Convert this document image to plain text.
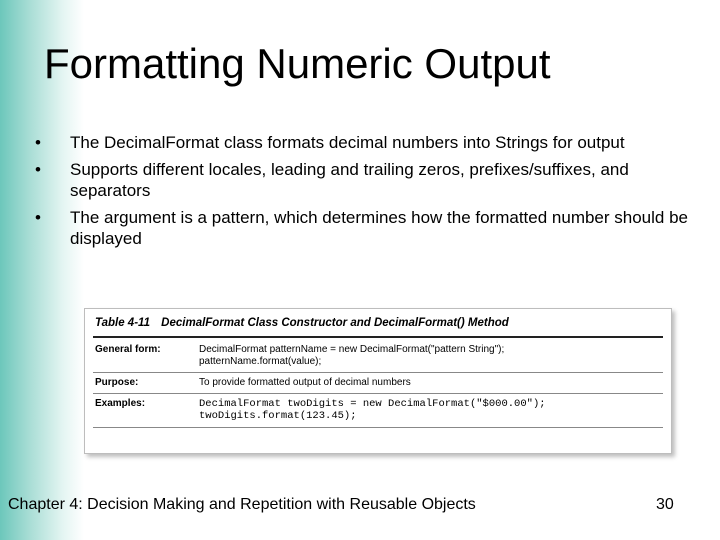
Formatting Numeric Output
•	The DecimalFormat class formats decimal numbers into Strings for output
•	Supports different locales, leading and trailing zeros, prefixes/suffixes, and separators
•	The argument is a pattern, which determines how the formatted number should be displayed
Table 4-11 DecimalFormat Class Constructor and DecimalFormat() Method
General form:	DecimalFormat patternName = new DecimalFormat("pattern String");
patternName.format(value);
Purpose:	To provide formatted output of decimal numbers
Examples:	DecimalFormat twoDigits = new DecimalFormat("$000.00");
twoDigits.format(123.45);
Chapter 4: Decision Making and Repetition with Reusable Objects	30
